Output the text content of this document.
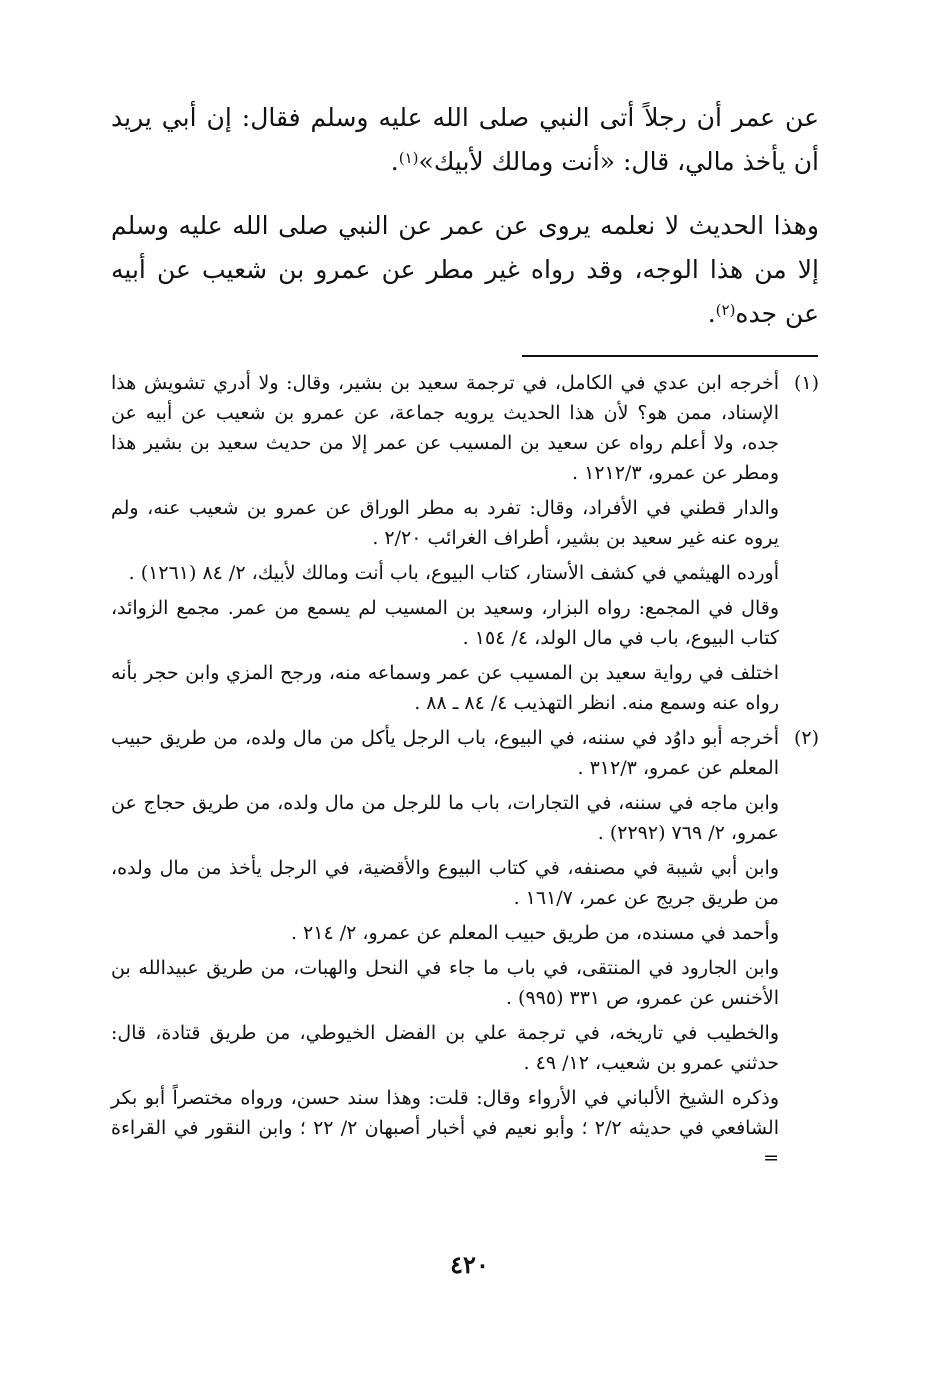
عن عمر أن رجلاً أتى النبي صلى الله عليه وسلم فقال: إن أبي يريد أن يأخذ مالي، قال: «أنت ومالك لأبيك»$^{(١)}$.

وهذا الحديث لا نعلمه يروى عن عمر عن النبي صلى الله عليه وسلم إلا من هذا الوجه، وقد رواه غير مطر عن عمرو بن شعيب عن أبيه عن جده$^{(٢)}$.

(١)

أخرجه ابن عدي في الكامل، في ترجمة سعيد بن بشير، وقال: ولا أدري تشويش هذا الإسناد، ممن هو؟ لأن هذا الحديث يرويه جماعة، عن عمرو بن شعيب عن أبيه عن جده، ولا أعلم رواه عن سعيد بن المسيب عن عمر إلا من حديث سعيد بن بشير هذا ومطر عن عمرو، ١٢١٢/٣ .

والدار قطني في الأفراد، وقال: تفرد به مطر الوراق عن عمرو بن شعيب عنه، ولم يروه عنه غير سعيد بن بشير، أطراف الغرائب ٢/٢٠ .

أورده الهيثمي في كشف الأستار، كتاب البيوع، باب أنت ومالك لأبيك، ٢/ ٨٤ (١٢٦١) .

وقال في المجمع: رواه البزار، وسعيد بن المسيب لم يسمع من عمر. مجمع الزوائد، كتاب البيوع، باب في مال الولد، ٤/ ١٥٤ .

اختلف في رواية سعيد بن المسيب عن عمر وسماعه منه، ورجح المزي وابن حجر بأنه رواه عنه وسمع منه. انظر التهذيب ٤/ ٨٤ ـ ٨٨ .

(٢)

أخرجه أبو داوُد في سننه، في البيوع، باب الرجل يأكل من مال ولده، من طريق حبيب المعلم عن عمرو، ٣١٢/٣ .

وابن ماجه في سننه، في التجارات، باب ما للرجل من مال ولده، من طريق حجاج عن عمرو، ٢/ ٧٦٩ (٢٢٩٢) .

وابن أبي شيبة في مصنفه، في كتاب البيوع والأقضية، في الرجل يأخذ من مال ولده، من طريق جريج عن عمر، ١٦١/٧ .

وأحمد في مسنده، من طريق حبيب المعلم عن عمرو، ٢/ ٢١٤ .

وابن الجارود في المنتقى، في باب ما جاء في النحل والهبات، من طريق عبيدالله بن الأخنس عن عمرو، ص ٣٣١ (٩٩٥) .

والخطيب في تاريخه، في ترجمة علي بن الفضل الخيوطي، من طريق قتادة، قال: حدثني عمرو بن شعيب، ١٢/ ٤٩ .

وذكره الشيخ الألباني في الأرواء وقال: قلت: وهذا سند حسن، ورواه مختصراً أبو بكر الشافعي في حديثه ٢/٢ ؛ وأبو نعيم في أخبار أصبهان ٢/ ٢٢ ؛ وابن النقور في القراءة =

٤٢٠
